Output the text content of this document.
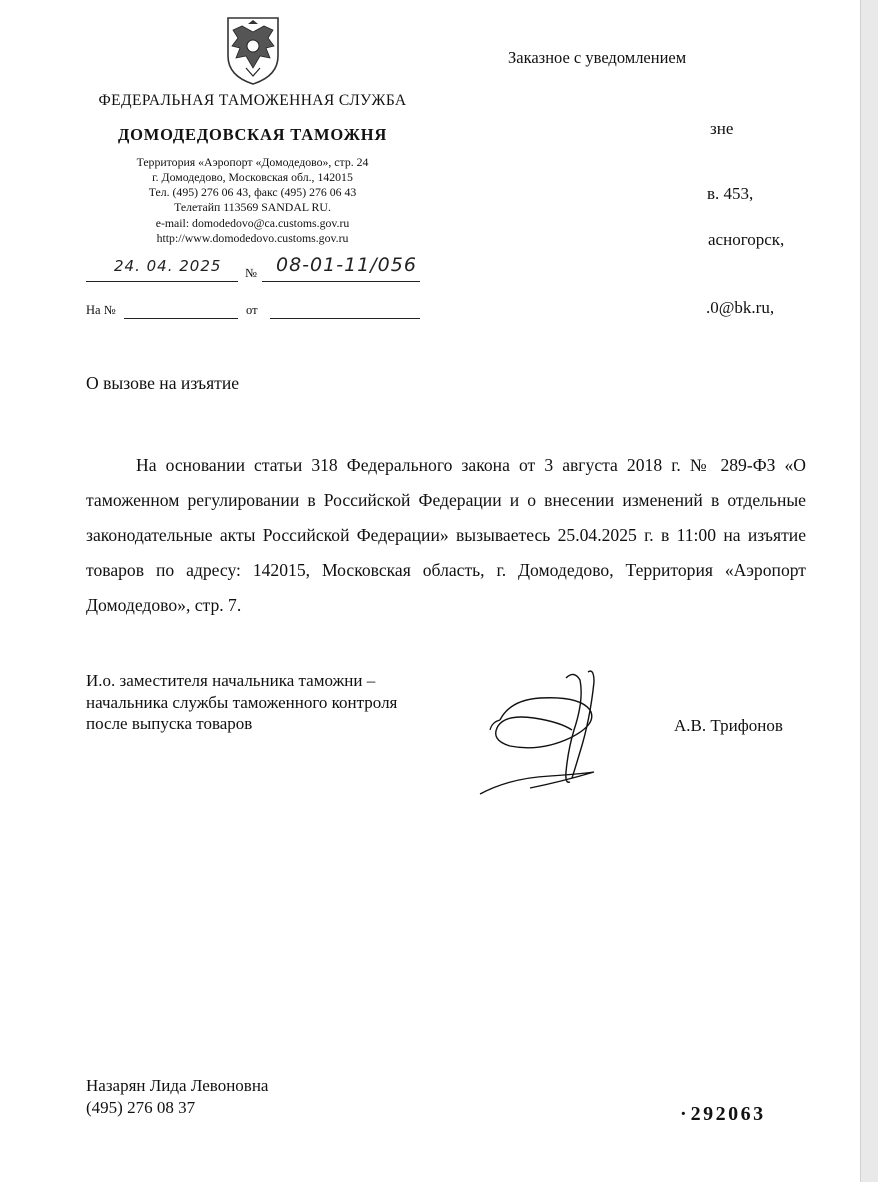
ФЕДЕРАЛЬНАЯ ТАМОЖЕННАЯ СЛУЖБА
ДОМОДЕДОВСКАЯ ТАМОЖНЯ
Территория «Аэропорт «Домодедово», стр. 24
г. Домодедово, Московская обл., 142015
Тел. (495) 276 06 43, факс (495) 276 06 43
Телетайп 113569 SANDAL RU.
e-mail: domodedovo@ca.customs.gov.ru
http://www.domodedovo.customs.gov.ru
24. 04. 2025 № 08-01-11/056
На №	от
Заказное с уведомлением
зне
в. 453,
асногорск,
.0@bk.ru,
О вызове на изъятие

На основании статьи 318 Федерального закона от 3 августа 2018 г. № 289-ФЗ «О таможенном регулировании в Российской Федерации и о внесении изменений в отдельные законодательные акты Российской Федерации» вызываетесь 25.04.2025 г. в 11:00 на изъятие товаров по адресу: 142015, Московская область, г. Домодедово, Территория «Аэропорт Домодедово», стр. 7.

И.о. заместителя начальника таможни –
начальника службы таможенного контроля
после выпуска товаров	А.В. Трифонов
Назарян Лида Левоновна
(495) 276 08 37	· 292063
